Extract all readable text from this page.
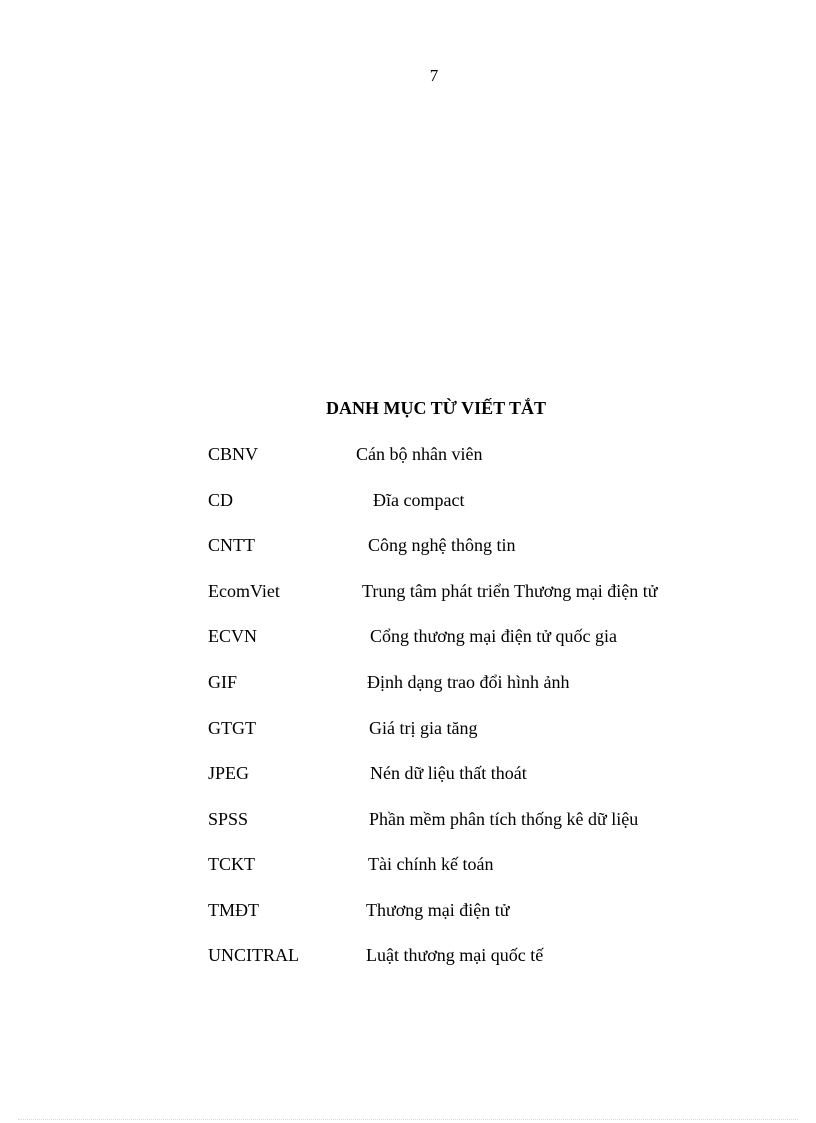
7
DANH MỤC TỪ VIẾT TẮT
CBNV	Cán bộ nhân viên
CD	Đĩa compact
CNTT	Công nghệ thông tin
EcomViet	Trung tâm phát triển Thương mại điện tử
ECVN	Cổng thương mại điện tử quốc gia
GIF	Định dạng trao đổi hình ảnh
GTGT	Giá trị gia tăng
JPEG	Nén dữ liệu thất thoát
SPSS	Phần mềm phân tích thống kê dữ liệu
TCKT	Tài chính kế toán
TMĐT	Thương mại điện tử
UNCITRAL	Luật thương mại quốc tế
